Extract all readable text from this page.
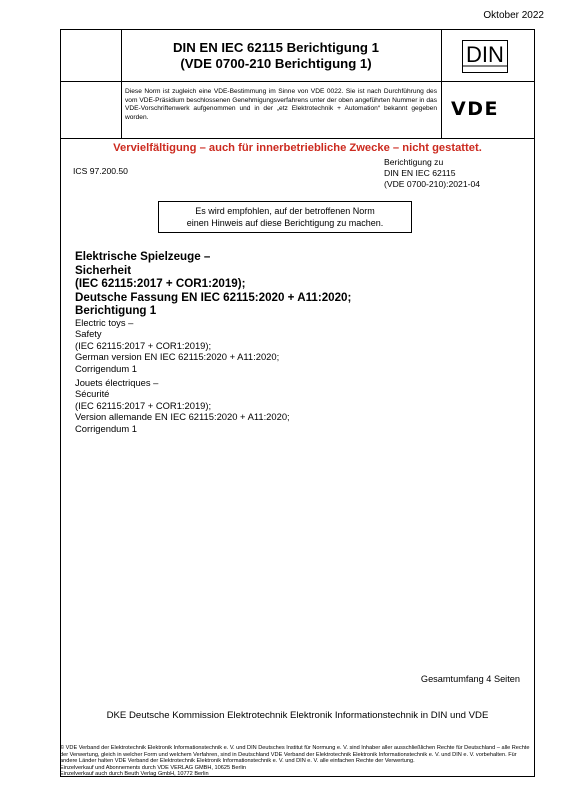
Oktober 2022
DIN EN IEC 62115 Berichtigung 1
(VDE 0700-210 Berichtigung 1)	DIN
Diese Norm ist zugleich eine VDE-Bestimmung im Sinne von VDE 0022. Sie ist nach Durchführung des vom VDE-Präsidium beschlossenen Genehmigungsverfahrens unter der oben angeführten Nummer in das VDE-Vorschriftenwerk aufgenommen und in der „etz Elektrotechnik + Automation“ bekannt gegeben worden.	VDE
Vervielfältigung – auch für innerbetriebliche Zwecke – nicht gestattet.
ICS 97.200.50
Berichtigung zu
DIN EN IEC 62115
(VDE 0700-210):2021-04
Es wird empfohlen, auf der betroffenen Norm
einen Hinweis auf diese Berichtigung zu machen.
Elektrische Spielzeuge –
Sicherheit
(IEC 62115:2017 + COR1:2019);
Deutsche Fassung EN IEC 62115:2020 + A11:2020;
Berichtigung 1
Electric toys –
Safety
(IEC 62115:2017 + COR1:2019);
German version EN IEC 62115:2020 + A11:2020;
Corrigendum 1
Jouets électriques –
Sécurité
(IEC 62115:2017 + COR1:2019);
Version allemande EN IEC 62115:2020 + A11:2020;
Corrigendum 1
Gesamtumfang 4 Seiten
DKE Deutsche Kommission Elektrotechnik Elektronik Informationstechnik in DIN und VDE
© VDE Verband der Elektrotechnik Elektronik Informationstechnik e. V. und DIN Deutsches Institut für Normung e. V. sind Inhaber aller ausschließlichen Rechte für Deutschland – alle Rechte der Verwertung, gleich in welcher Form und welchem Verfahren, sind in Deutschland VDE Verband der Elektrotechnik Elektronik Informationstechnik e. V. und DIN e. V. vorbehalten. Für andere Länder halten VDE Verband der Elektrotechnik Elektronik Informationstechnik e. V. und DIN e. V. alle einfachen Rechte der Verwertung.
Einzelverkauf und Abonnements durch VDE VERLAG GMBH, 10625 Berlin
Einzelverkauf auch durch Beuth Verlag GmbH, 10772 Berlin
